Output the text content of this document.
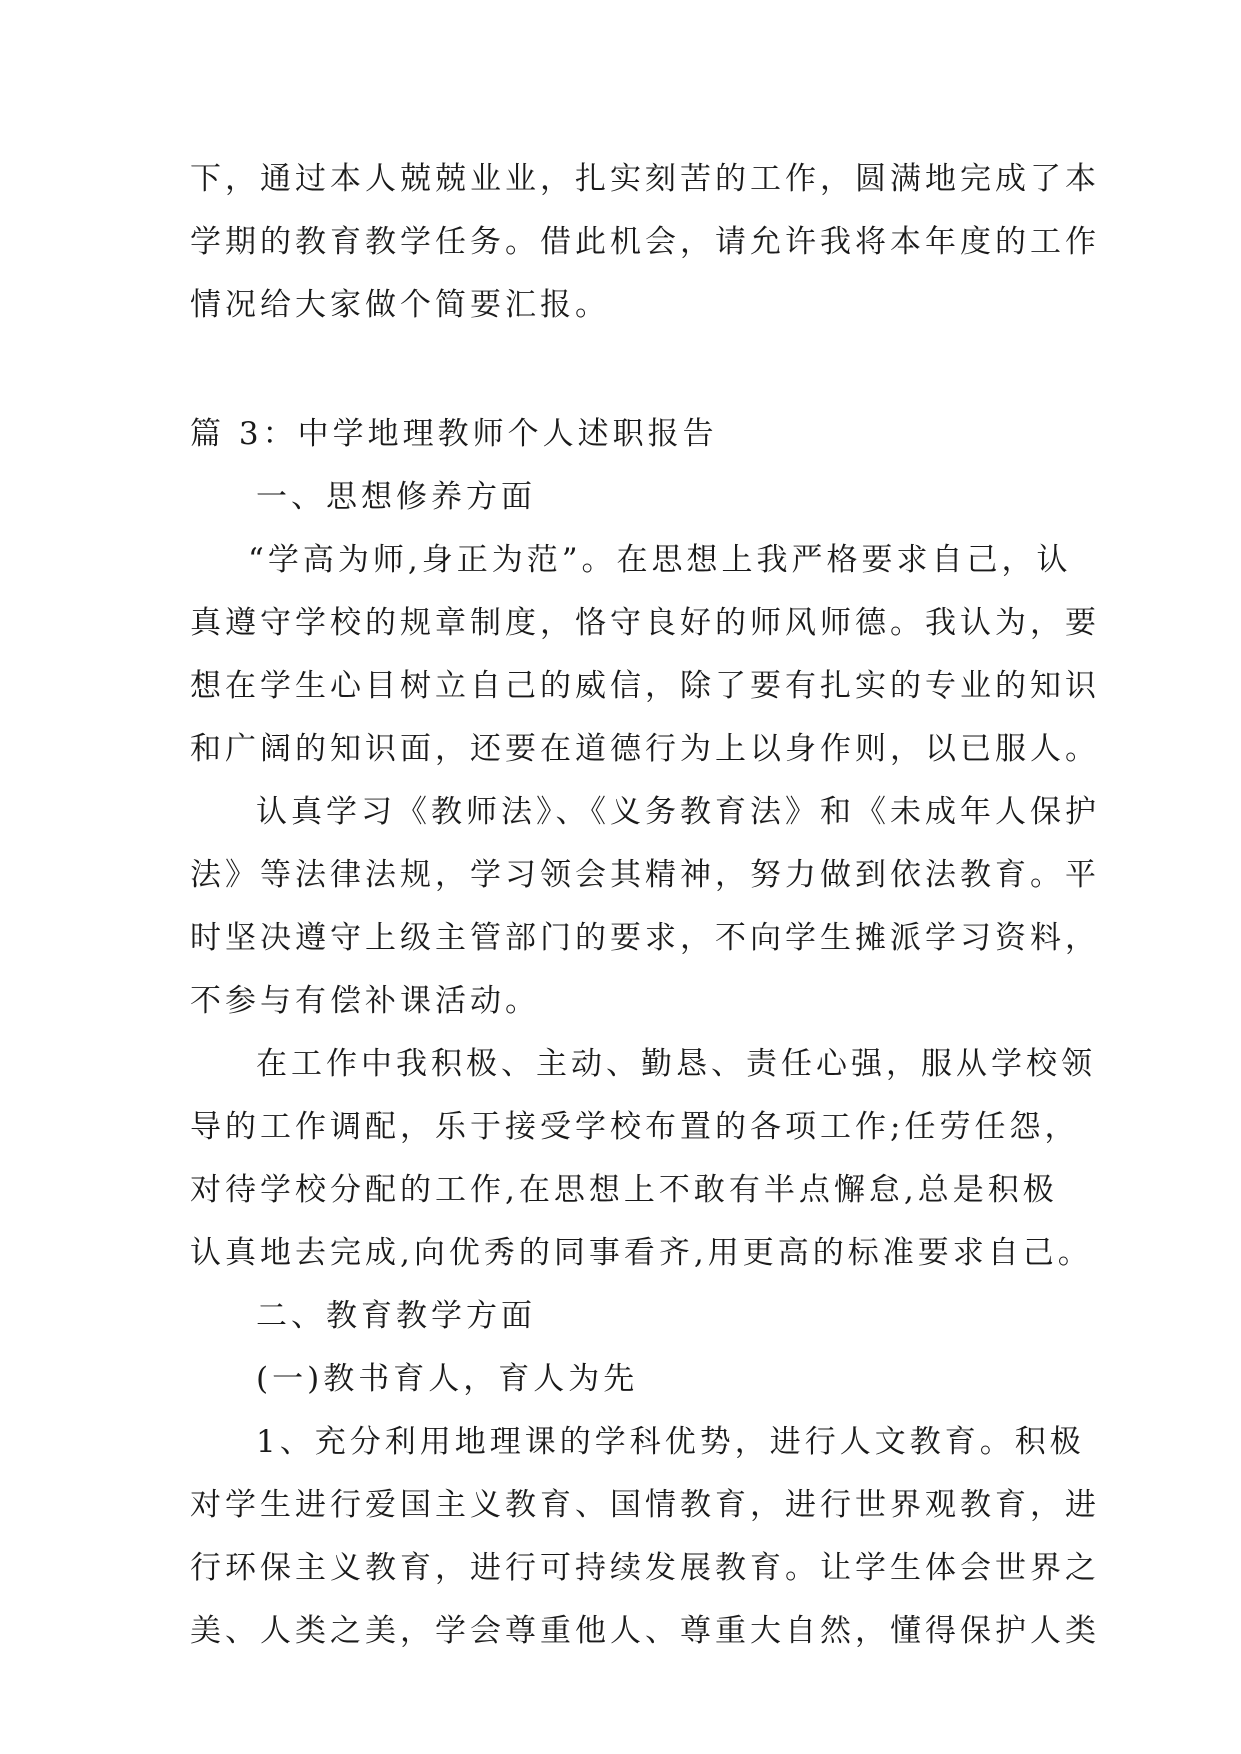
下，通过本人兢兢业业，扎实刻苦的工作，圆满地完成了本
学期的教育教学任务。借此机会，请允许我将本年度的工作
情况给大家做个简要汇报。
篇 3：中学地理教师个人述职报告
一、思想修养方面
“学高为师,身正为范”。在思想上我严格要求自己，认
真遵守学校的规章制度，恪守良好的师风师德。我认为，要
想在学生心目树立自己的威信，除了要有扎实的专业的知识
和广阔的知识面，还要在道德行为上以身作则，以已服人。
认真学习《教师法》、《义务教育法》和《未成年人保护
法》等法律法规，学习领会其精神，努力做到依法教育。平
时坚决遵守上级主管部门的要求，不向学生摊派学习资料，
不参与有偿补课活动。
在工作中我积极、主动、勤恳、责任心强，服从学校领
导的工作调配，乐于接受学校布置的各项工作;任劳任怨，
对待学校分配的工作,在思想上不敢有半点懈怠,总是积极
认真地去完成,向优秀的同事看齐,用更高的标准要求自己。
二、教育教学方面
(一)教书育人，育人为先
1、充分利用地理课的学科优势，进行人文教育。积极
对学生进行爱国主义教育、国情教育，进行世界观教育，进
行环保主义教育，进行可持续发展教育。让学生体会世界之
美、人类之美，学会尊重他人、尊重大自然，懂得保护人类
